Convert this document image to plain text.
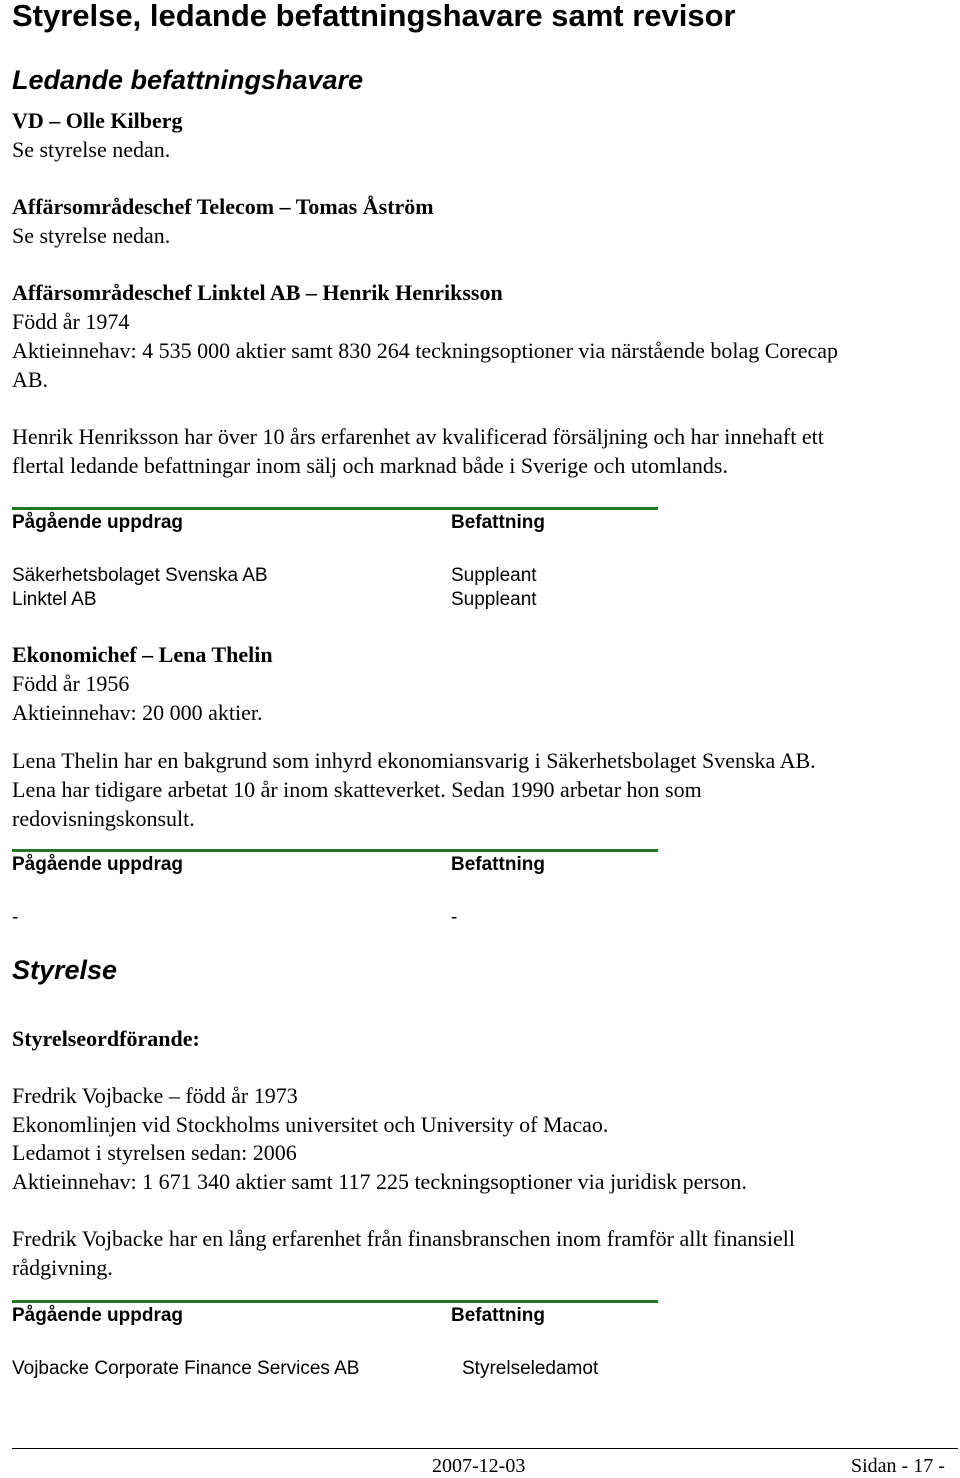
Styrelse, ledande befattningshavare samt revisor
Ledande befattningshavare
VD – Olle Kilberg
Se styrelse nedan.
Affärsområdeschef Telecom – Tomas Åström
Se styrelse nedan.
Affärsområdeschef Linktel AB – Henrik Henriksson
Född år 1974
Aktieinnehav: 4 535 000 aktier samt 830 264 teckningsoptioner via närstående bolag Corecap
AB.
Henrik Henriksson har över 10 års erfarenhet av kvalificerad försäljning och har innehaft ett
flertal ledande befattningar inom sälj och marknad både i Sverige och utomlands.
Pågående uppdrag	Befattning
Säkerhetsbolaget Svenska AB	Suppleant
Linktel AB	Suppleant
Ekonomichef – Lena Thelin
Född år 1956
Aktieinnehav: 20 000 aktier.
Lena Thelin har en bakgrund som inhyrd ekonomiansvarig i Säkerhetsbolaget Svenska AB.
Lena har tidigare arbetat 10 år inom skatteverket. Sedan 1990 arbetar hon som
redovisningskonsult.
Pågående uppdrag	Befattning
-	-
Styrelse
Styrelseordförande:
Fredrik Vojbacke – född år 1973
Ekonomlinjen vid Stockholms universitet och University of Macao.
Ledamot i styrelsen sedan: 2006
Aktieinnehav: 1 671 340 aktier samt 117 225 teckningsoptioner via juridisk person.
Fredrik Vojbacke har en lång erfarenhet från finansbranschen inom framför allt finansiell
rådgivning.
Pågående uppdrag	Befattning
Vojbacke Corporate Finance Services AB	Styrelseledamot
2007-12-03	Sidan - 17 -
